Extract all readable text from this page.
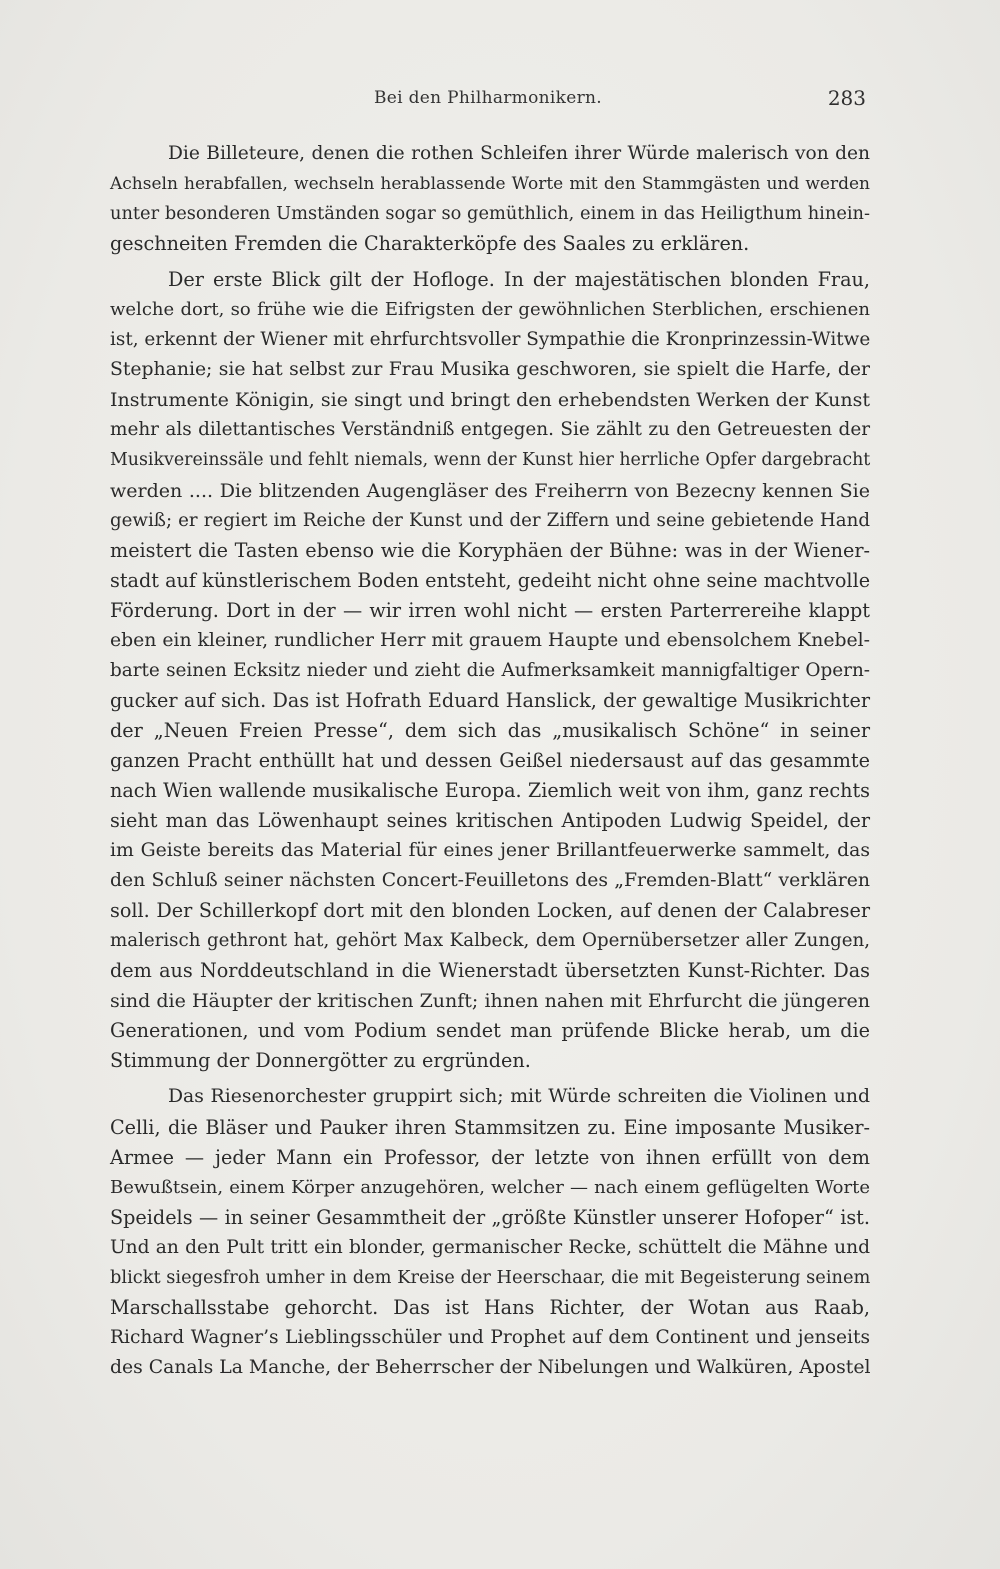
Bei den Philharmonikern.	283
Die Billeteure, denen die rothen Schleifen ihrer Würde malerisch von den
Achseln herabfallen, wechseln herablassende Worte mit den Stammgästen und werden
unter besonderen Umständen sogar so gemüthlich, einem in das Heiligthum hinein-
geschneiten Fremden die Charakterköpfe des Saales zu erklären.
Der erste Blick gilt der Hofloge. In der majestätischen blonden Frau,
welche dort, so frühe wie die Eifrigsten der gewöhnlichen Sterblichen, erschienen
ist, erkennt der Wiener mit ehrfurchtsvoller Sympathie die Kronprinzessin-Witwe
Stephanie; sie hat selbst zur Frau Musika geschworen, sie spielt die Harfe, der
Instrumente Königin, sie singt und bringt den erhebendsten Werken der Kunst
mehr als dilettantisches Verständniß entgegen. Sie zählt zu den Getreuesten der
Musikvereinssäle und fehlt niemals, wenn der Kunst hier herrliche Opfer dargebracht
werden .... Die blitzenden Augengläser des Freiherrn von Bezecny kennen Sie
gewiß; er regiert im Reiche der Kunst und der Ziffern und seine gebietende Hand
meistert die Tasten ebenso wie die Koryphäen der Bühne: was in der Wiener-
stadt auf künstlerischem Boden entsteht, gedeiht nicht ohne seine machtvolle
Förderung. Dort in der — wir irren wohl nicht — ersten Parterrereihe klappt
eben ein kleiner, rundlicher Herr mit grauem Haupte und ebensolchem Knebel-
barte seinen Ecksitz nieder und zieht die Aufmerksamkeit mannigfaltiger Opern-
gucker auf sich. Das ist Hofrath Eduard Hanslick, der gewaltige Musikrichter
der „Neuen Freien Presse“, dem sich das „musikalisch Schöne“ in seiner
ganzen Pracht enthüllt hat und dessen Geißel niedersaust auf das gesammte
nach Wien wallende musikalische Europa. Ziemlich weit von ihm, ganz rechts
sieht man das Löwenhaupt seines kritischen Antipoden Ludwig Speidel, der
im Geiste bereits das Material für eines jener Brillantfeuerwerke sammelt, das
den Schluß seiner nächsten Concert-Feuilletons des „Fremden-Blatt“ verklären
soll. Der Schillerkopf dort mit den blonden Locken, auf denen der Calabreser
malerisch gethront hat, gehört Max Kalbeck, dem Opernübersetzer aller Zungen,
dem aus Norddeutschland in die Wienerstadt übersetzten Kunst-Richter. Das
sind die Häupter der kritischen Zunft; ihnen nahen mit Ehrfurcht die jüngeren
Generationen, und vom Podium sendet man prüfende Blicke herab, um die
Stimmung der Donnergötter zu ergründen.
Das Riesenorchester gruppirt sich; mit Würde schreiten die Violinen und
Celli, die Bläser und Pauker ihren Stammsitzen zu. Eine imposante Musiker-
Armee — jeder Mann ein Professor, der letzte von ihnen erfüllt von dem
Bewußtsein, einem Körper anzugehören, welcher — nach einem geflügelten Worte
Speidels — in seiner Gesammtheit der „größte Künstler unserer Hofoper“ ist.
Und an den Pult tritt ein blonder, germanischer Recke, schüttelt die Mähne und
blickt siegesfroh umher in dem Kreise der Heerschaar, die mit Begeisterung seinem
Marschallsstabe gehorcht. Das ist Hans Richter, der Wotan aus Raab,
Richard Wagner’s Lieblingsschüler und Prophet auf dem Continent und jenseits
des Canals La Manche, der Beherrscher der Nibelungen und Walküren, Apostel
